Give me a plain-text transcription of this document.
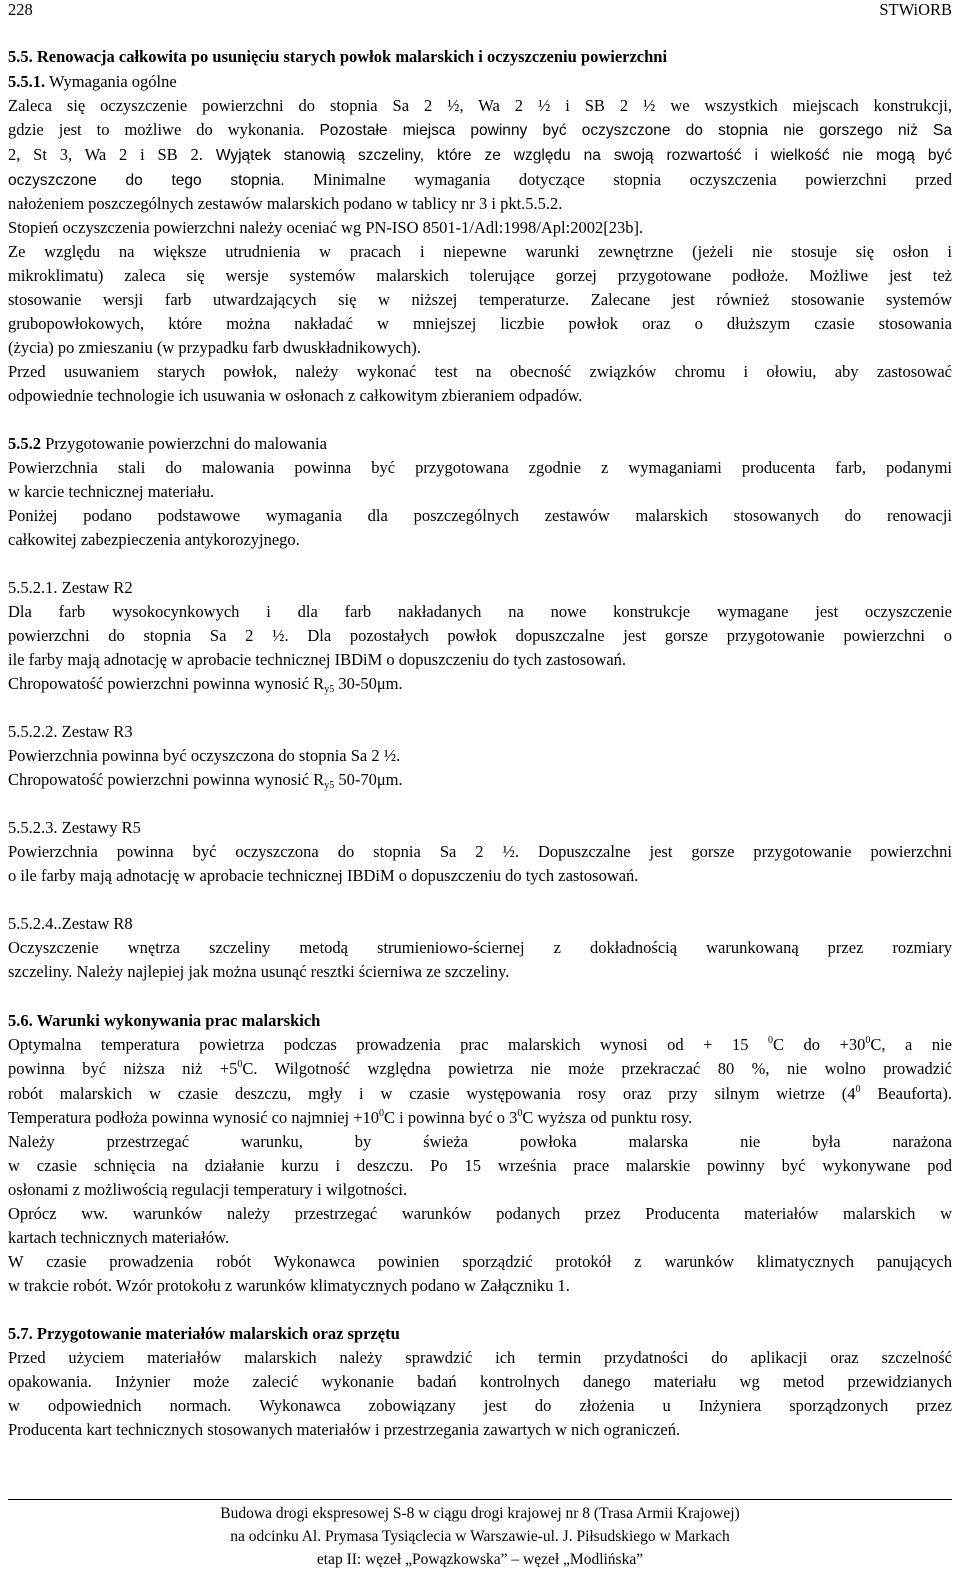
228	STWiORB
5.5. Renowacja całkowita po usunięciu starych powłok malarskich i oczyszczeniu powierzchni
5.5.1. Wymagania ogólne
Zaleca się oczyszczenie powierzchni do stopnia Sa 2 ½, Wa 2 ½ i SB 2 ½ we wszystkich miejscach konstrukcji,
gdzie jest to możliwe do wykonania. Pozostałe miejsca powinny być oczyszczone do stopnia nie gorszego niż Sa
2, St 3, Wa 2 i SB 2. Wyjątek stanowią szczeliny, które ze względu na swoją rozwartość i wielkość nie mogą być
oczyszczone do tego stopnia. Minimalne wymagania dotyczące stopnia oczyszczenia powierzchni przed
nałożeniem poszczególnych zestawów malarskich podano w tablicy nr 3 i pkt.5.5.2.
Stopień oczyszczenia powierzchni należy oceniać wg PN-ISO 8501-1/Adl:1998/Apl:2002[23b].
Ze względu na większe utrudnienia w pracach i niepewne warunki zewnętrzne (jeżeli nie stosuje się osłon i
mikroklimatu) zaleca się wersje systemów malarskich tolerujące gorzej przygotowane podłoże. Możliwe jest też
stosowanie wersji farb utwardzających się w niższej temperaturze. Zalecane jest również stosowanie systemów
grubopowłokowych, które można nakładać w mniejszej liczbie powłok oraz o dłuższym czasie stosowania
(życia) po zmieszaniu (w przypadku farb dwuskładnikowych).
Przed usuwaniem starych powłok, należy wykonać test na obecność związków chromu i ołowiu, aby zastosować
odpowiednie technologie ich usuwania w osłonach z całkowitym zbieraniem odpadów.
5.5.2 Przygotowanie powierzchni do malowania
Powierzchnia stali do malowania powinna być przygotowana zgodnie z wymaganiami producenta farb, podanymi
w karcie technicznej materiału.
Poniżej podano podstawowe wymagania dla poszczególnych zestawów malarskich stosowanych do renowacji
całkowitej zabezpieczenia antykorozyjnego.
5.5.2.1. Zestaw R2
Dla farb wysokocynkowych i dla farb nakładanych na nowe konstrukcje wymagane jest oczyszczenie
powierzchni do stopnia Sa 2 ½. Dla pozostałych powłok dopuszczalne jest gorsze przygotowanie powierzchni o
ile farby mają adnotację w aprobacie technicznej IBDiM o dopuszczeniu do tych zastosowań.
Chropowatość powierzchni powinna wynosić $R_{y5}$ 30-50μm.
5.5.2.2. Zestaw R3
Powierzchnia powinna być oczyszczona do stopnia Sa 2 ½.
Chropowatość powierzchni powinna wynosić $R_{y5}$ 50-70μm.
5.5.2.3. Zestawy R5
Powierzchnia powinna być oczyszczona do stopnia Sa 2 ½. Dopuszczalne jest gorsze przygotowanie powierzchni
o ile farby mają adnotację w aprobacie technicznej IBDiM o dopuszczeniu do tych zastosowań.
5.5.2.4..Zestaw R8
Oczyszczenie wnętrza szczeliny metodą strumieniowo-ściernej z dokładnością warunkowaną przez rozmiary
szczeliny. Należy najlepiej jak można usunąć resztki ściernіwa ze szczeliny.
5.6. Warunki wykonywania prac malarskich
Optymalna temperatura powietrza podczas prowadzenia prac malarskich wynosi od + 15 $^0$C do $+30^0C$, a nie
powinna być niższa niż $+5^0C$. Wilgotność względna powietrza nie może przekraczać 80 %, nie wolno prowadzić
robót malarskich w czasie deszczu, mgły i w czasie występowania rosy oraz przy silnym wietrze ($4^0$ Beauforta).
Temperatura podłoża powinna wynosić co najmniej $+10^0C$ i powinna być o $3^0C$ wyższa od punktu rosy.
Należy przestrzegać warunku, by świeża powłoka malarska nie była narażona
w czasie schnięcia na działanie kurzu i deszczu. Po 15 września prace malarskie powinny być wykonywane pod
osłonami z możliwością regulacji temperatury i wilgotności.
Oprócz ww. warunków należy przestrzegać warunków podanych przez Producenta materiałów malarskich w
kartach technicznych materiałów.
W czasie prowadzenia robót Wykonawca powinien sporządzić protokół z warunków klimatycznych panujących
w trakcie robót. Wzór protokołu z warunków klimatycznych podano w Załączniku 1.
5.7. Przygotowanie materiałów malarskich oraz sprzętu
Przed użyciem materiałów malarskich należy sprawdzić ich termin przydatności do aplikacji oraz szczelność
opakowania. Inżynier może zalecić wykonanie badań kontrolnych danego materiału wg metod przewidzianych
w odpowiednich normach. Wykonawca zobowiązany jest do złożenia u Inżyniera sporządzonych przez
Producenta kart technicznych stosowanych materiałów i przestrzegania zawartych w nich ograniczeń.
Budowa drogi ekspresowej S-8 w ciągu drogi krajowej nr 8 (Trasa Armii Krajowej)
na odcinku Al. Prymasa Tysiąclecia w Warszawie-ul. J. Piłsudskiego w Markach
etap II: węzeł „Powązkowska” – węzeł „Modlińska”
